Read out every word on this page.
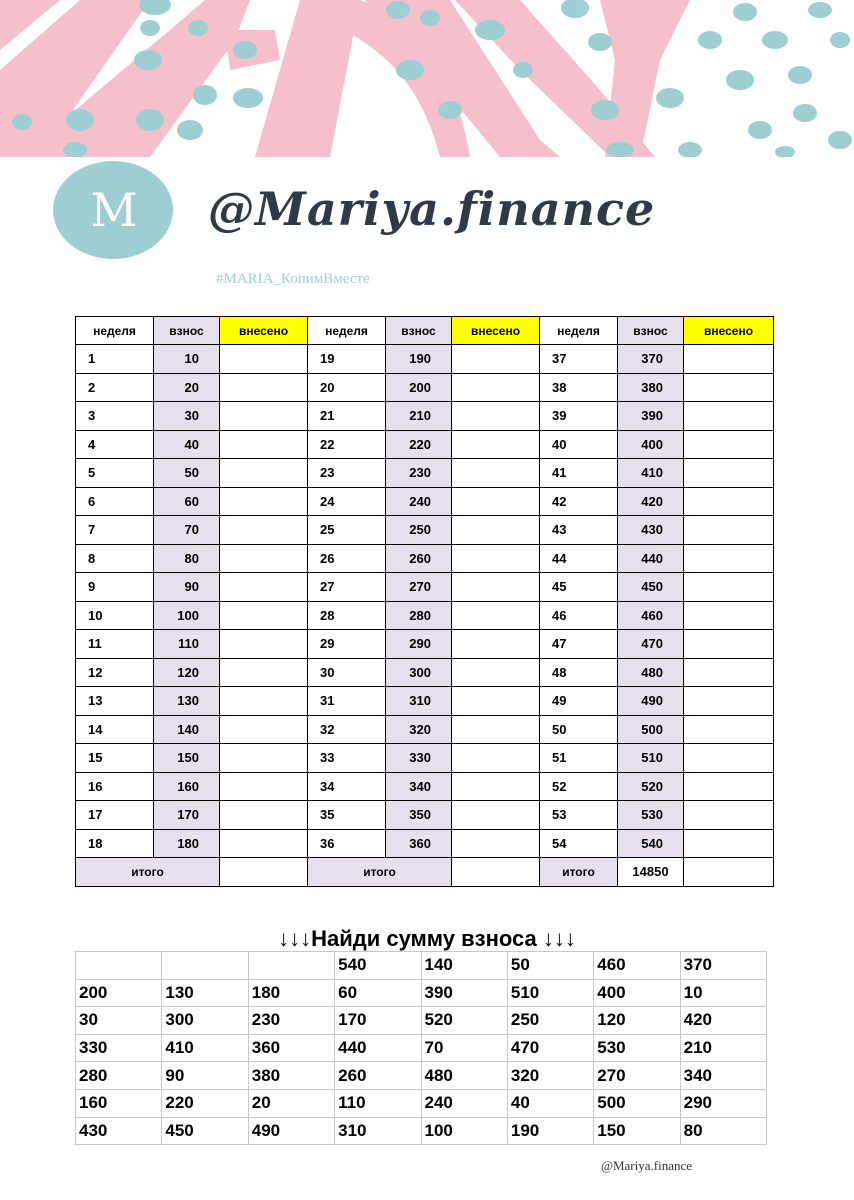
M	@Mariya.finance
#MARIA_КопимВместе
неделя	взнос	внесено	неделя	взнос	внесено	неделя	взнос	внесено
1	10		19	190		37	370	
2	20		20	200		38	380	
3	30		21	210		39	390	
4	40		22	220		40	400	
5	50		23	230		41	410	
6	60		24	240		42	420	
7	70		25	250		43	430	
8	80		26	260		44	440	
9	90		27	270		45	450	
10	100		28	280		46	460	
11	110		29	290		47	470	
12	120		30	300		48	480	
13	130		31	310		49	490	
14	140		32	320		50	500	
15	150		33	330		51	510	
16	160		34	340		52	520	
17	170		35	350		53	530	
18	180		36	360		54	540	
итого			итого			итого	14850	
↓↓↓Найди сумму взноса ↓↓↓
			540	140	50	460	370
200	130	180	60	390	510	400	10
30	300	230	170	520	250	120	420
330	410	360	440	70	470	530	210
280	90	380	260	480	320	270	340
160	220	20	110	240	40	500	290
430	450	490	310	100	190	150	80
@Mariya.finance
